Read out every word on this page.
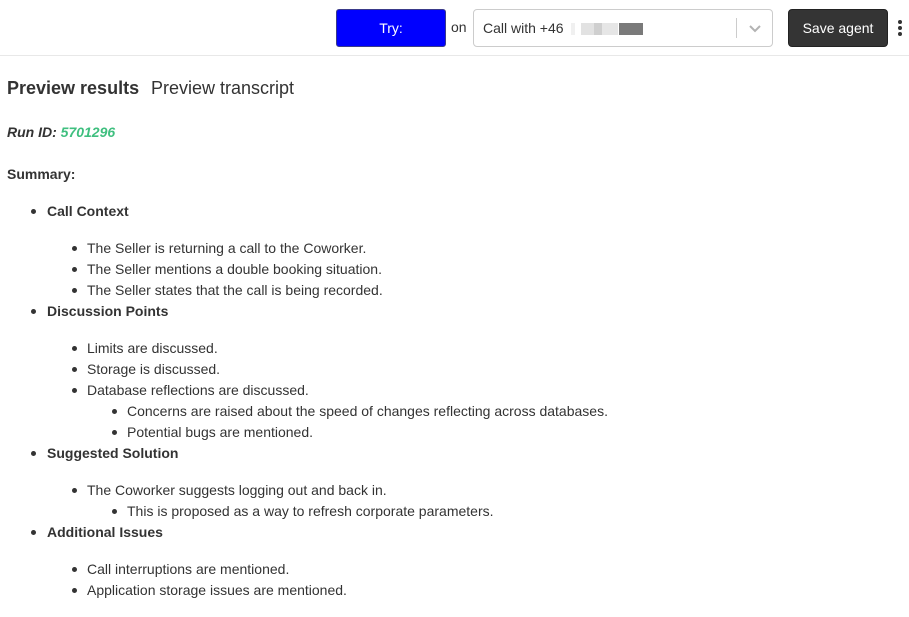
Try:	on Call with +46	Save agent
Preview results Preview transcript
Run ID: 5701296
Summary:
Call Context
The Seller is returning a call to the Coworker.
The Seller mentions a double booking situation.
The Seller states that the call is being recorded.
Discussion Points
Limits are discussed.
Storage is discussed.
Database reflections are discussed.
Concerns are raised about the speed of changes reflecting across databases.
Potential bugs are mentioned.
Suggested Solution
The Coworker suggests logging out and back in.
This is proposed as a way to refresh corporate parameters.
Additional Issues
Call interruptions are mentioned.
Application storage issues are mentioned.
